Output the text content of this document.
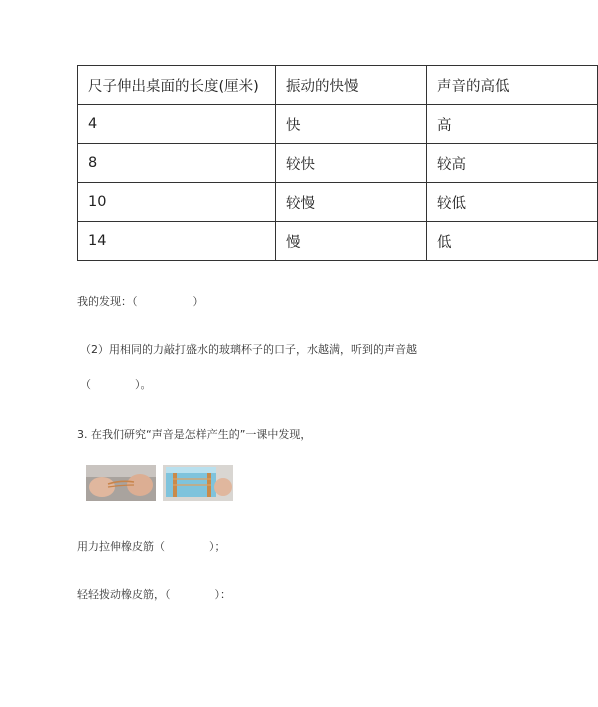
尺子伸出桌面的长度(厘米)	振动的快慢	声音的高低
4	快	高
8	较快	较高
10	较慢	较低
14	慢	低
我的发现：（　　　　　）
（2）用相同的力敲打盛水的玻璃杯子的口子，水越满，听到的声音越
（　　　　）。
3. 在我们研究“声音是怎样产生的”一课中发现，
用力拉伸橡皮筋（　　　　）；
轻轻拨动橡皮筋，（　　　　）：
